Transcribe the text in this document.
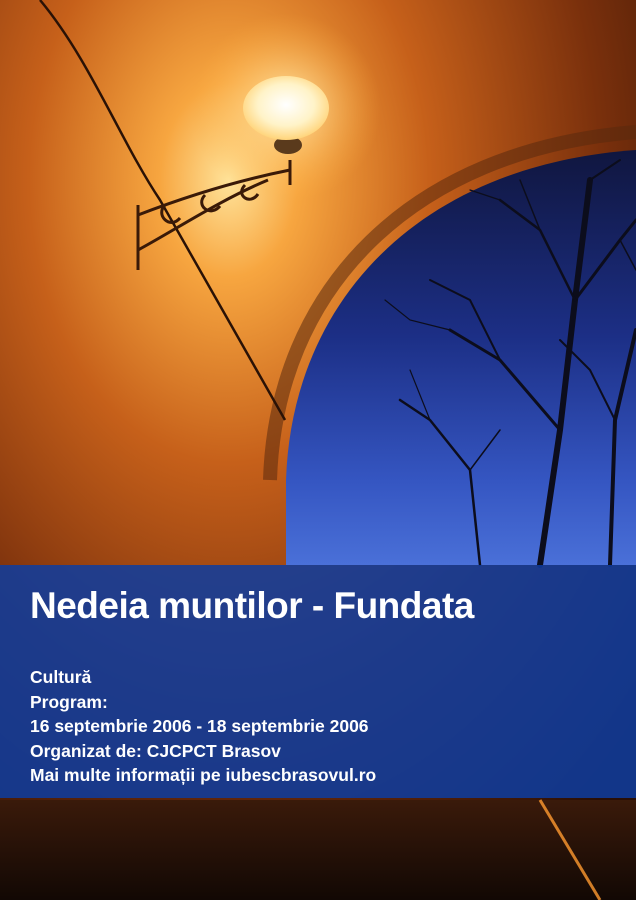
Nedeia muntilor - Fundata
Cultură
Program:
16 septembrie 2006 - 18 septembrie 2006
Organizat de: CJCPCT Brasov
Mai multe informații pe iubescbrasovul.ro
